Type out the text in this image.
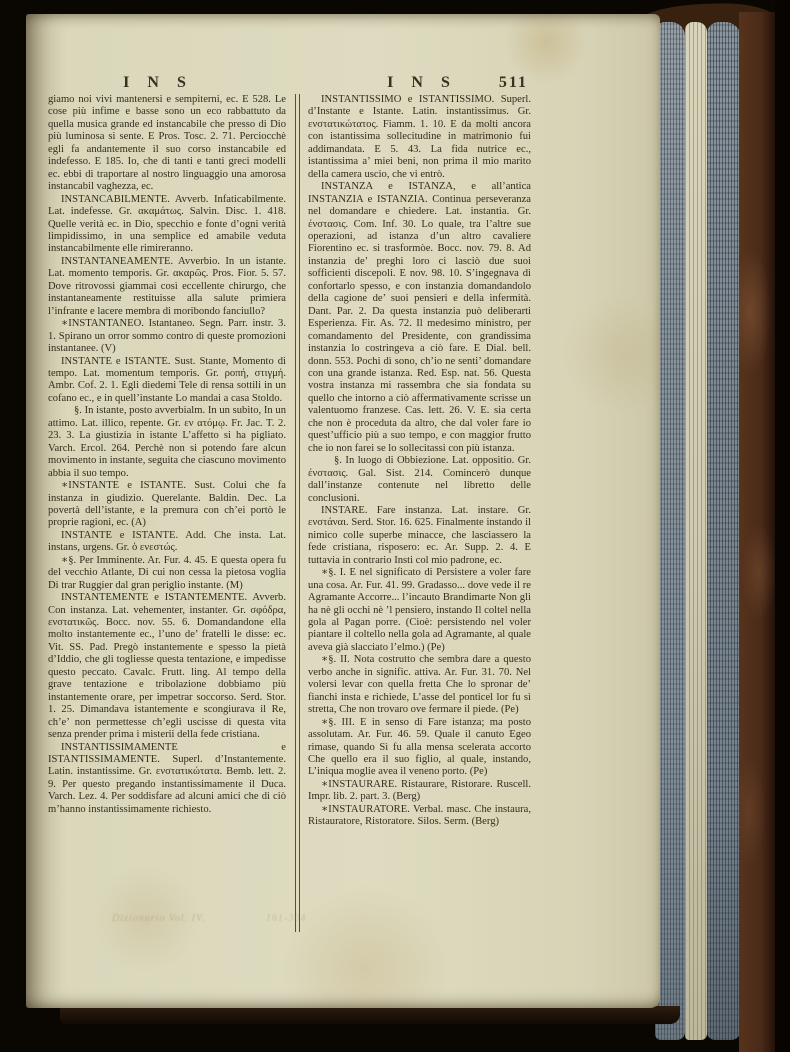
I N S	I N S	511

giamo noi vivi mantenersi e sempiterni, ec. E 528. Le cose più infime e basse sono un eco rabbattuto da quella musica grande ed instancabile che presso di Dio più luminosa si sente. E Pros. Tosc. 2. 71. Perciocchè egli fa andantemente il suo corso instancabile ed indefesso. E 185. Io, che di tanti e tanti greci modelli ec. ebbi di traportare al nostro linguaggio una amorosa instancabil vaghezza, ec.

INSTANCABILMENTE. Avverb. Infaticabilmente. Lat. indefesse. Gr. ακαμάτως. Salvin. Disc. 1. 418. Quelle verità ec. in Dio, specchio e fonte d’ogni verità limpidissimo, in una semplice ed amabile veduta instancabilmente elle rimireranno.

INSTANTANEAMENTE. Avverbio. In un istante. Lat. momento temporis. Gr. ακαρῶς. Pros. Fior. 5. 57. Dove ritrovossi giammai così eccellente chirurgo, che instantaneamente restituisse alla salute primiera l’infrante e lacere membra di moribondo fanciullo?

∗INSTANTANEO. Istantaneo. Segn. Parr. instr. 3. 1. Spirano un orror sommo contro di queste promozioni instantanee. (V)

INSTANTE e ISTANTE. Sust. Stante, Momento di tempo. Lat. momentum temporis. Gr. ροπή, στιγμή. Ambr. Cof. 2. 1. Egli diedemi Tele di rensa sottili in un cofano ec., e in quell’instante Lo mandai a casa Stoldo.

§. In istante, posto avverbialm. In un subito, In un attimo. Lat. illico, repente. Gr. εν ατόμῳ. Fr. Jac. T. 2. 23. 3. La giustizia in istante L’affetto si ha pigliato. Varch. Ercol. 264. Perchè non si potendo fare alcun movimento in instante, seguita che ciascuno movimento abbia il suo tempo.

∗INSTANTE e ISTANTE. Sust. Colui che fa instanza in giudizio. Querelante. Baldin. Dec. La povertà dell’istante, e la premura con ch’ei portò le proprie ragioni, ec. (A)

INSTANTE e ISTANTE. Add. Che insta. Lat. instans, urgens. Gr. ὁ ενεστώς.

∗§. Per Imminente. Ar. Fur. 4. 45. E questa opera fu del vecchio Atlante, Di cui non cessa la pietosa voglia Di trar Ruggier dal gran periglio instante. (M)

INSTANTEMENTE e ISTANTEMENTE. Avverb. Con instanza. Lat. vehementer, instanter. Gr. σφόδρα, ενστατικῶς. Bocc. nov. 55. 6. Domandandone ella molto instantemente ec., l’uno de’ fratelli le disse: ec. Vit. SS. Pad. Pregò instantemente e spesso la pietà d’Iddio, che gli togliesse questa tentazione, e impedisse questo peccato. Cavalc. Frutt. ling. Al tempo della grave tentazione e tribolazione dobbiamo più instantemente orare, per impetrar soccorso. Serd. Stor. 1. 25. Dimandava istantemente e scongiurava il Re, ch’e’ non permettesse ch’egli uscisse di questa vita senza prender prima i misterii della fede cristiana.

INSTANTISSIMAMENTE e ISTANTISSIMAMENTE. Superl. d’Instantemente. Latin. instantissime. Gr. ενστατικώτατα. Bemb. lett. 2. 9. Per questo pregando instantissimamente il Duca. Varch. Lez. 4. Per soddisfare ad alcuni amici che di ciò m’hanno instantissimamente richiesto.

INSTANTISSIMO e ISTANTISSIMO. Superl. d’Instante e Istante. Latin. instantissimus. Gr. ενστατικώτατος. Fiamm. 1. 10. E da molti ancora con istantissima sollecitudine in matrimonio fui addimandata. E 5. 43. La fida nutrice ec., istantissima a’ miei beni, non prima il mio marito della camera uscio, che vi entrò.

INSTANZA e ISTANZA, e all’antica INSTANZIA e ISTANZIA. Continua perseveranza nel domandare e chiedere. Lat. instantia. Gr. ένστασις. Com. Inf. 30. Lo quale, tra l’altre sue operazioni, ad istanza d’un altro cavaliere Fiorentino ec. si trasformòe. Bocc. nov. 79. 8. Ad instanzia de’ preghi loro ci lasciò due suoi sofficienti discepoli. E nov. 98. 10. S’ingegnava di confortarlo spesso, e con instanzia domandandolo della cagione de’ suoi pensieri e della infermità. Dant. Par. 2. Da questa instanzia può deliberarti Esperienza. Fir. As. 72. Il medesimo ministro, per comandamento del Presidente, con grandissima instanzia lo costringeva a ciò fare. E Dial. bell. donn. 553. Pochi dì sono, ch’io ne senti’ domandare con una grande istanza. Red. Esp. nat. 56. Questa vostra instanza mi rassembra che sia fondata su quello che intorno a ciò affermativamente scrisse un valentuomo franzese. Cas. lett. 26. V. E. sia certa che non è proceduta da altro, che dal voler fare io quest’ufficio più a suo tempo, e con maggior frutto che io non farei se lo sollecitassi con più istanza.

§. In luogo di Obbiezione. Lat. oppositio. Gr. ένστασις. Gal. Sist. 214. Comincerò dunque dall’instanze contenute nel libretto delle conclusioni.

INSTARE. Fare instanza. Lat. instare. Gr. ενστάναι. Serd. Stor. 16. 625. Finalmente instando il nimico colle superbe minacce, che lasciassero la fede cristiana, risposero: ec. Ar. Supp. 2. 4. E tuttavia in contrario Insti col mio padrone, ec.

∗§. I. E nel significato di Persistere a voler fare una cosa. Ar. Fur. 41. 99. Gradasso... dove vede il re Agramante Accorre... l’incauto Brandimarte Non gli ha nè gli occhi nè ’l pensiero, instando Il coltel nella gola al Pagan porre. (Cioè: persistendo nel voler piantare il coltello nella gola ad Agramante, al quale aveva già slacciato l’elmo.) (Pe)

∗§. II. Nota costrutto che sembra dare a questo verbo anche in signific. attiva. Ar. Fur. 31. 70. Nel volersi levar con quella fretta Che lo spronar de’ fianchi insta e richiede, L’asse del ponticel lor fu sì stretta, Che non trovaro ove fermare il piede. (Pe)

∗§. III. E in senso di Fare istanza; ma posto assolutam. Ar. Fur. 46. 59. Quale il canuto Egeo rimase, quando Sì fu alla mensa scelerata accorto Che quello era il suo figlio, al quale, instando, L’iniqua moglie avea il veneno porto. (Pe)

∗INSTAURARE. Ristaurare, Ristorare. Ruscell. Impr. lib. 2. part. 3. (Berg)

∗INSTAURATORE. Verbal. masc. Che instaura, Ristauratore, Ristoratore. Silos. Serm. (Berg)

Dizionario Vol. IV.	161-304
